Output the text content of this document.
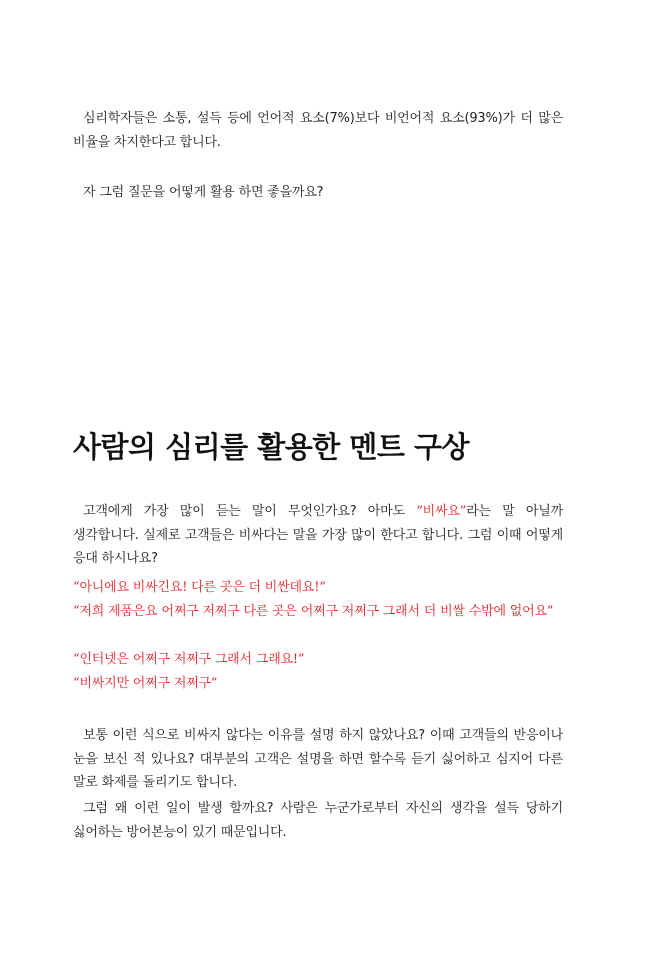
심리학자들은 소통, 설득 등에 언어적 요소(7%)보다 비언어적 요소(93%)가 더 많은 비율을 차지한다고 합니다.

자 그럼 질문을 어떻게 활용 하면 좋을까요?

사람의 심리를 활용한 멘트 구상

고객에게 가장 많이 듣는 말이 무엇인가요? 아마도 “비싸요”라는 말 아닐까 생각합니다. 실제로 고객들은 비싸다는 말을 가장 많이 한다고 합니다. 그럼 이때 어떻게 응대 하시나요?

“아니에요 비싸긴요! 다른 곳은 더 비싼데요!”

“저희 제품은요 어쩌구 저쩌구 다른 곳은 어쩌구 저쩌구 그래서 더 비쌀 수밖에 없어요”

“인터넷은 어쩌구 저쩌구 그래서 그래요!”

“비싸지만 어쩌구 저쩌구”

보통 이런 식으로 비싸지 않다는 이유를 설명 하지 않았나요? 이때 고객들의 반응이나 눈을 보신 적 있나요? 대부분의 고객은 설명을 하면 할수록 듣기 싫어하고 심지어 다른 말로 화제를 돌리기도 합니다.

그럼 왜 이런 일이 발생 할까요? 사람은 누군가로부터 자신의 생각을 설득 당하기 싫어하는 방어본능이 있기 때문입니다.
